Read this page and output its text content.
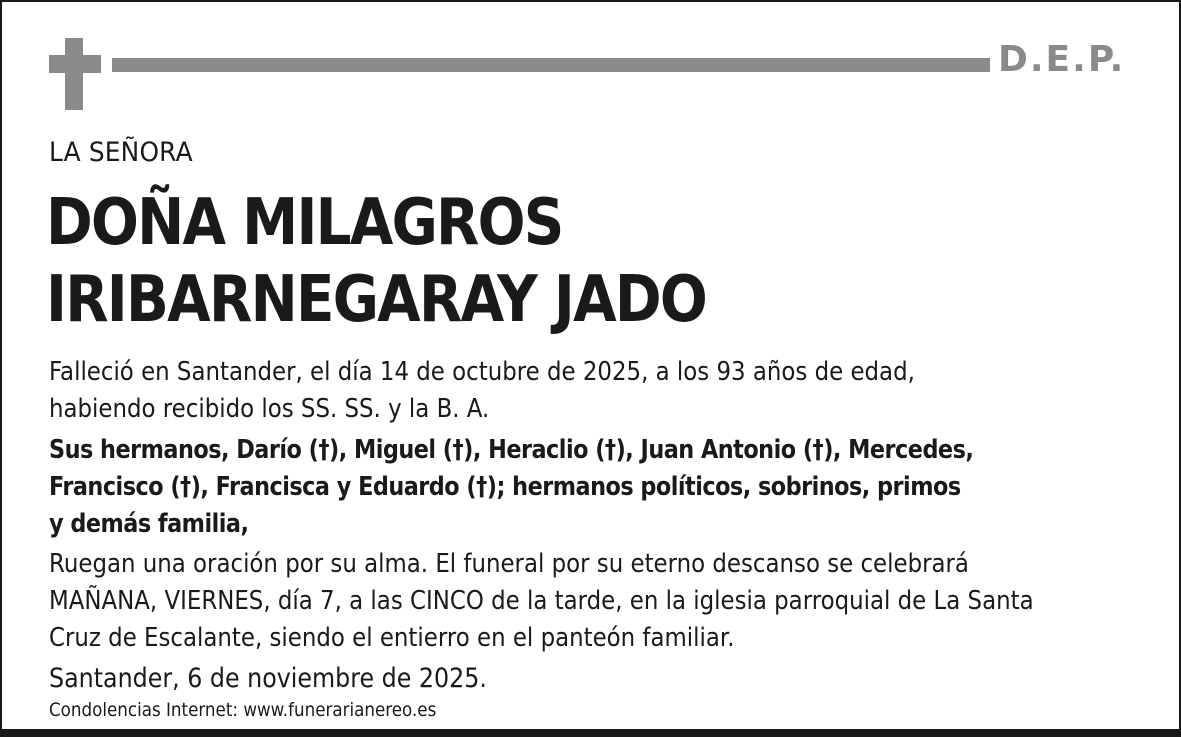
D.E.P.
LA SEÑORA
DOÑA MILAGROS
IRIBARNEGARAY JADO
Falleció en Santander, el día 14 de octubre de 2025, a los 93 años de edad,
habiendo recibido los SS. SS. y la B. A.
Sus hermanos, Darío (†), Miguel (†), Heraclio (†), Juan Antonio (†), Mercedes,
Francisco (†), Francisca y Eduardo (†); hermanos políticos, sobrinos, primos
y demás familia,
Ruegan una oración por su alma. El funeral por su eterno descanso se celebrará
MAÑANA, VIERNES, día 7, a las CINCO de la tarde, en la iglesia parroquial de La Santa
Cruz de Escalante, siendo el entierro en el panteón familiar.
Santander, 6 de noviembre de 2025.
Condolencias Internet: www.funerarianereo.es
